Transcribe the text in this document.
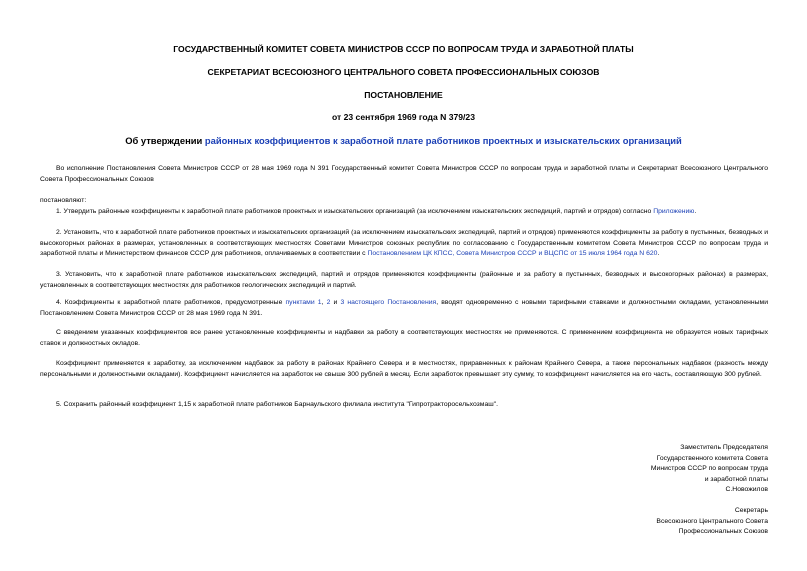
ГОСУДАРСТВЕННЫЙ КОМИТЕТ СОВЕТА МИНИСТРОВ СССР ПО ВОПРОСАМ ТРУДА И ЗАРАБОТНОЙ ПЛАТЫ
СЕКРЕТАРИАТ ВСЕСОЮЗНОГО ЦЕНТРАЛЬНОГО СОВЕТА ПРОФЕССИОНАЛЬНЫХ СОЮЗОВ
ПОСТАНОВЛЕНИЕ
от 23 сентября 1969 года N 379/23
Об утверждении районных коэффициентов к заработной плате работников проектных и изыскательских организаций
Во исполнение Постановления Совета Министров СССР от 28 мая 1969 года N 391 Государственный комитет Совета Министров СССР по вопросам труда и заработной платы и Секретариат Всесоюзного Центрального Совета Профессиональных Союзов
постановляют:
1. Утвердить районные коэффициенты к заработной плате работников проектных и изыскательских организаций (за исключением изыскательских экспедиций, партий и отрядов) согласно Приложению.
2. Установить, что к заработной плате работников проектных и изыскательских организаций (за исключением изыскательских экспедиций, партий и отрядов) применяются коэффициенты за работу в пустынных, безводных и высокогорных районах в размерах, установленных в соответствующих местностях Советами Министров союзных республик по согласованию с Государственным комитетом Совета Министров СССР по вопросам труда и заработной платы и Министерством финансов СССР для работников, оплачиваемых в соответствии с Постановлением ЦК КПСС, Совета Министров СССР и ВЦСПС от 15 июля 1964 года N 620.
3. Установить, что к заработной плате работников изыскательских экспедиций, партий и отрядов применяются коэффициенты (районные и за работу в пустынных, безводных и высокогорных районах) в размерах, установленных в соответствующих местностях для работников геологических экспедиций и партий.
4. Коэффициенты к заработной плате работников, предусмотренные пунктами 1, 2 и 3 настоящего Постановления, вводят одновременно с новыми тарифными ставками и должностными окладами, установленными Постановлением Совета Министров СССР от 28 мая 1969 года N 391.
С введением указанных коэффициентов все ранее установленные коэффициенты и надбавки за работу в соответствующих местностях не применяются. С применением коэффициента не образуется новых тарифных ставок и должностных окладов.
Коэффициент применяется к заработку, за исключением надбавок за работу в районах Крайнего Севера и в местностях, приравненных к районам Крайнего Севера, а также персональных надбавок (разность между персональными и должностными окладами). Коэффициент начисляется на заработок не свыше 300 рублей в месяц. Если заработок превышает эту сумму, то коэффициент начисляется на его часть, составляющую 300 рублей.
5. Сохранить районный коэффициент 1,15 к заработной плате работников Барнаульского филиала института "Гипротракторосельхозмаш".
Заместитель Председателя
Государственного комитета Совета
Министров СССР по вопросам труда
и заработной платы
С.Новожилов
Секретарь
Всесоюзного Центрального Совета
Профессиональных Союзов
